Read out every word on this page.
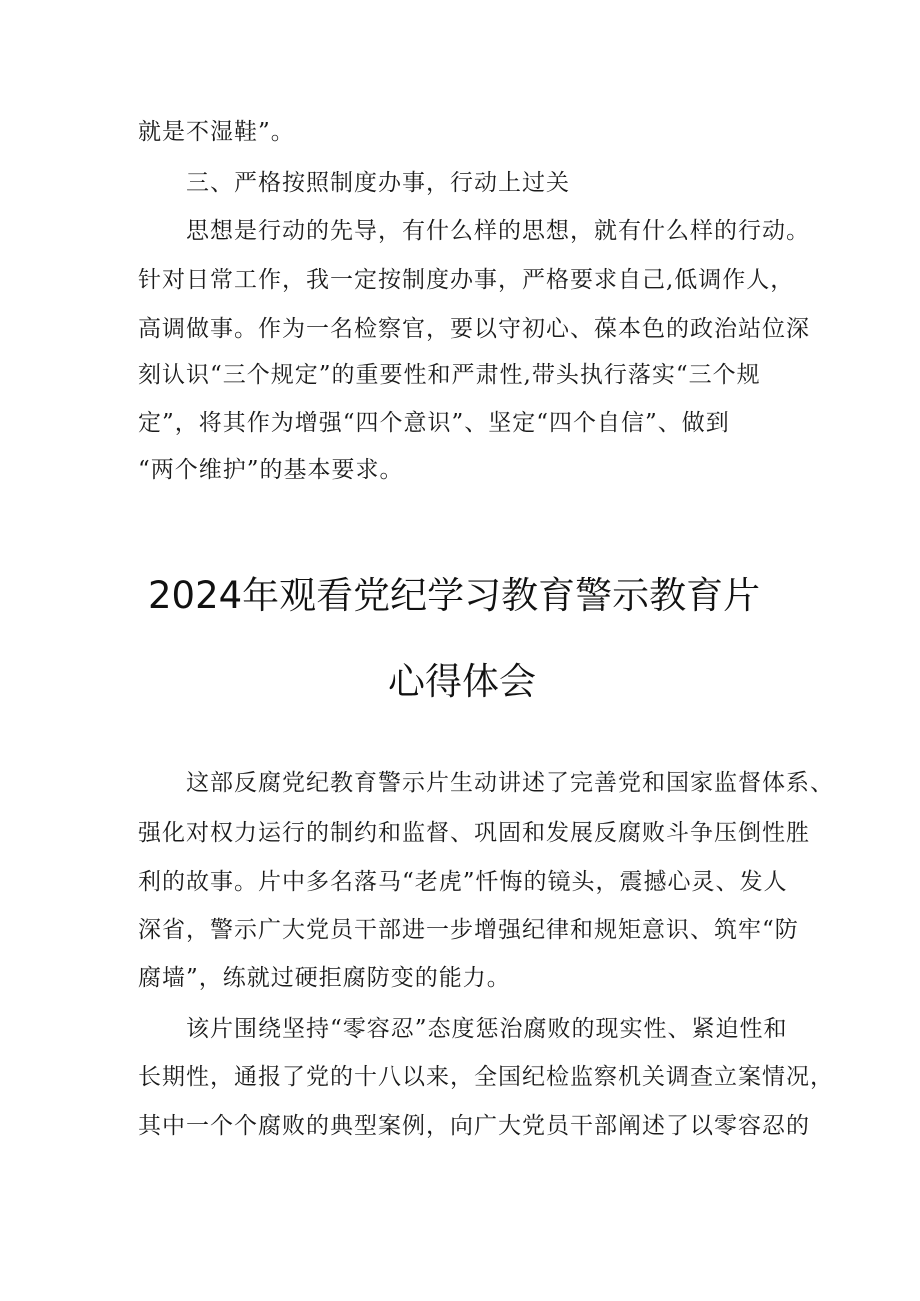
就是不湿鞋”。
三、严格按照制度办事，行动上过关
思想是行动的先导，有什么样的思想，就有什么样的行动。
针对日常工作，我一定按制度办事，严格要求自己,低调作人，
高调做事。作为一名检察官，要以守初心、葆本色的政治站位深
刻认识“三个规定”的重要性和严肃性,带头执行落实“三个规
定”，将其作为增强“四个意识”、坚定“四个自信”、做到
“两个维护”的基本要求。
2024年观看党纪学习教育警示教育片
心得体会
这部反腐党纪教育警示片生动讲述了完善党和国家监督体系、
强化对权力运行的制约和监督、巩固和发展反腐败斗争压倒性胜
利的故事。片中多名落马“老虎”忏悔的镜头，震撼心灵、发人
深省，警示广大党员干部进一步增强纪律和规矩意识、筑牢“防
腐墙”，练就过硬拒腐防变的能力。
该片围绕坚持“零容忍”态度惩治腐败的现实性、紧迫性和
长期性，通报了党的十八以来，全国纪检监察机关调查立案情况，
其中一个个腐败的典型案例，向广大党员干部阐述了以零容忍的
